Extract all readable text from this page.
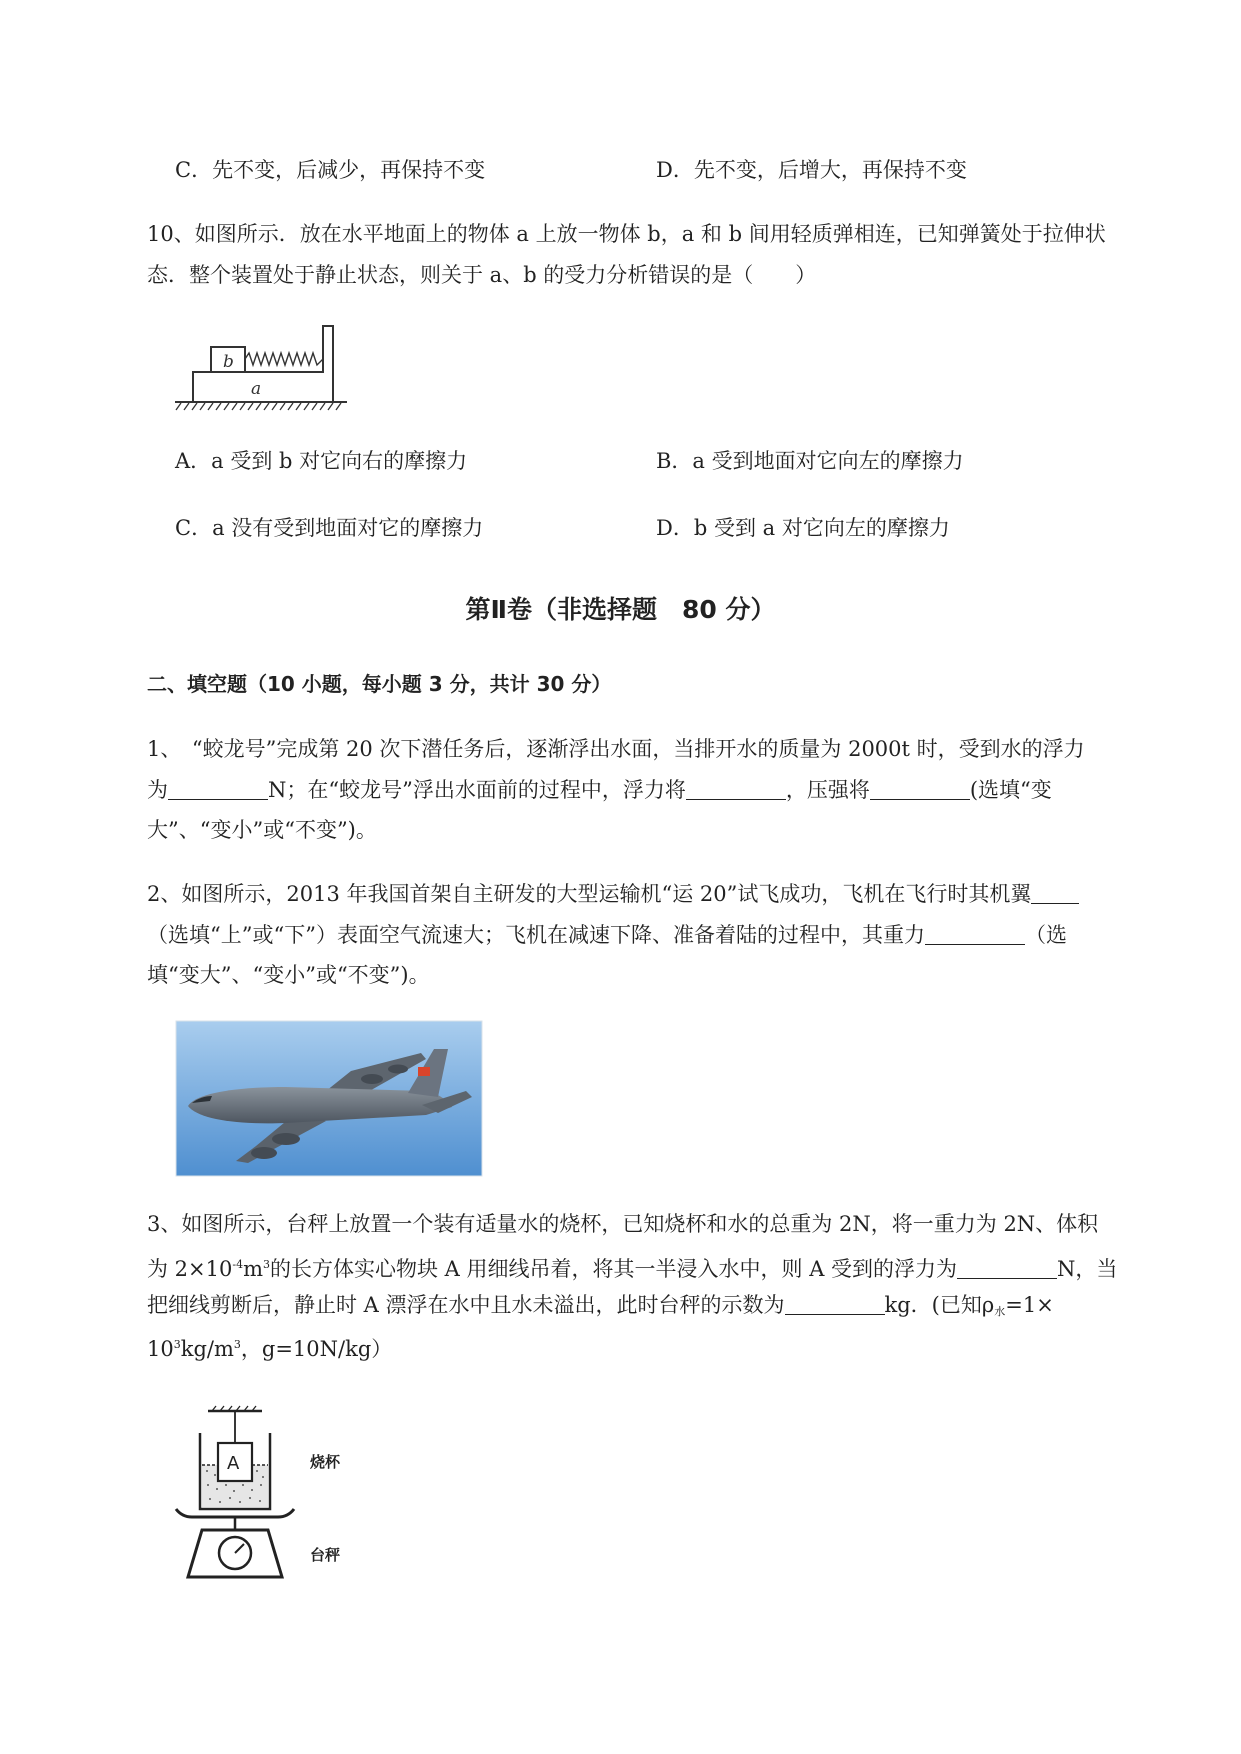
C．先不变，后减少，再保持不变	D．先不变，后增大，再保持不变
10、如图所示．放在水平地面上的物体 a 上放一物体 b，a 和 b 间用轻质弹相连，已知弹簧处于拉伸状
态．整个装置处于静止状态，则关于 a、b 的受力分析错误的是（　　）
b
a
A．a 受到 b 对它向右的摩擦力	B．a 受到地面对它向左的摩擦力
C．a 没有受到地面对它的摩擦力	D．b 受到 a 对它向左的摩擦力
第Ⅱ卷（非选择题　80 分）
二、填空题（10 小题，每小题 3 分，共计 30 分）
1、　“蛟龙号”完成第 20 次下潜任务后，逐渐浮出水面，当排开水的质量为 2000t 时，受到水的浮力
为	N；在“蛟龙号”浮出水面前的过程中，浮力将	，压强将	(选填“变
大”、“变小”或“不变”)。
2、如图所示，2013 年我国首架自主研发的大型运输机“运 20”试飞成功，飞机在飞行时其机翼
（选填“上”或“下”）表面空气流速大；飞机在减速下降、准备着陆的过程中，其重力	（选
填“变大”、“变小”或“不变”)。
3、如图所示，台秤上放置一个装有适量水的烧杯，已知烧杯和水的总重为 2N，将一重力为 2N、体积
为 $2\times 10^{-4}m^3$的长方体实心物块 A 用细线吊着，将其一半浸入水中，则 A 受到的浮力为	N，当
把细线剪断后，静止时 A 漂浮在水中且水未溢出，此时台秤的示数为	kg．(已知$\rho_水=1\times$
$10^3kg/m^3$，g=10N/kg）
A	烧杯
台秤
